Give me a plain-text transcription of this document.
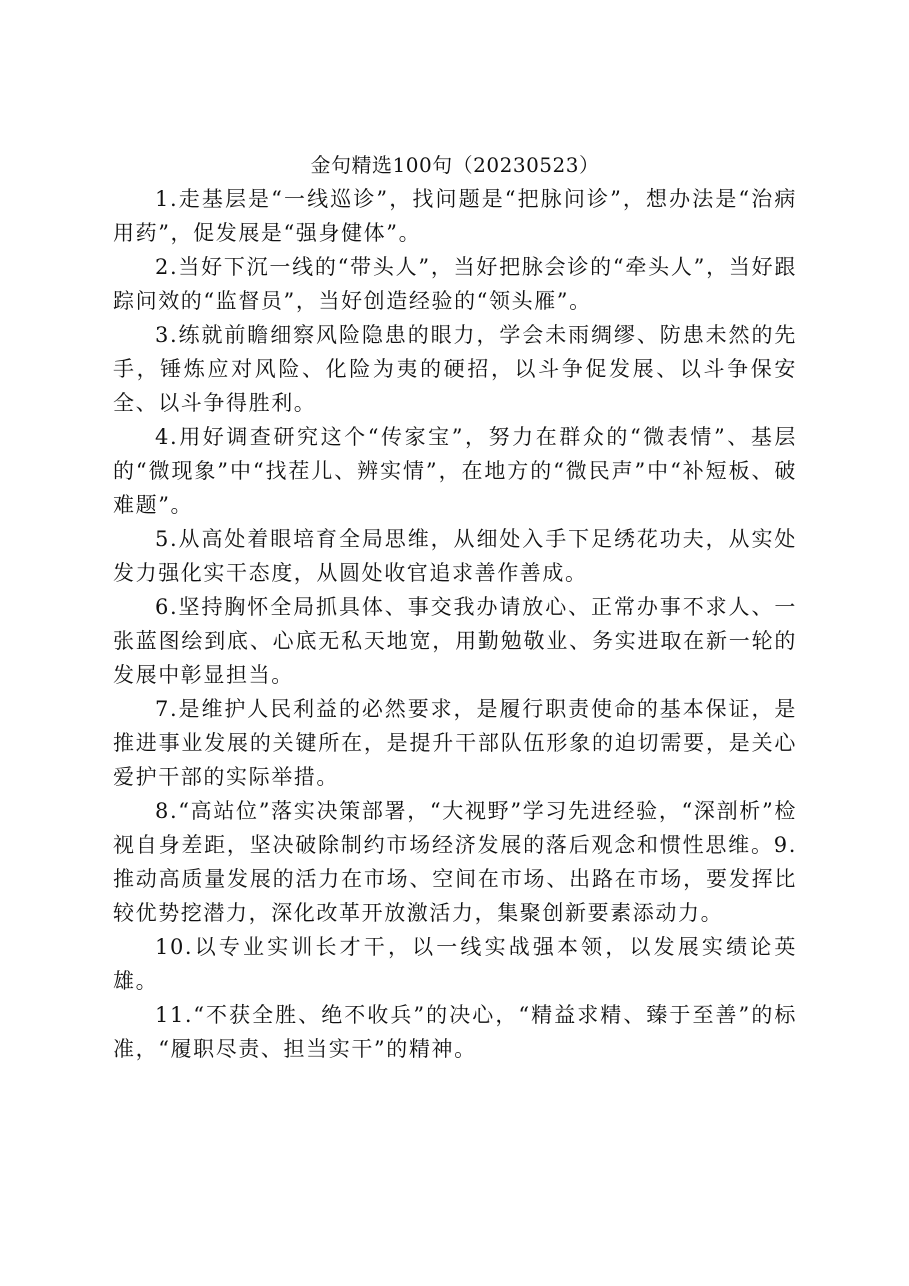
金句精选100句（20230523）

1.走基层是“一线巡诊”，找问题是“把脉问诊”，想办法是“治病用药”，促发展是“强身健体”。

2.当好下沉一线的“带头人”，当好把脉会诊的“牵头人”，当好跟踪问效的“监督员”，当好创造经验的“领头雁”。

3.练就前瞻细察风险隐患的眼力，学会未雨绸缪、防患未然的先手，锤炼应对风险、化险为夷的硬招，以斗争促发展、以斗争保安全、以斗争得胜利。

4.用好调查研究这个“传家宝”，努力在群众的“微表情”、基层的“微现象”中“找茬儿、辨实情”，在地方的“微民声”中“补短板、破难题”。

5.从高处着眼培育全局思维，从细处入手下足绣花功夫，从实处发力强化实干态度，从圆处收官追求善作善成。

6.坚持胸怀全局抓具体、事交我办请放心、正常办事不求人、一张蓝图绘到底、心底无私天地宽，用勤勉敬业、务实进取在新一轮的发展中彰显担当。

7.是维护人民利益的必然要求，是履行职责使命的基本保证，是推进事业发展的关键所在，是提升干部队伍形象的迫切需要，是关心爱护干部的实际举措。

8.“高站位”落实决策部署，“大视野”学习先进经验，“深剖析”检视自身差距，坚决破除制约市场经济发展的落后观念和惯性思维。9.推动高质量发展的活力在市场、空间在市场、出路在市场，要发挥比较优势挖潜力，深化改革开放激活力，集聚创新要素添动力。

10.以专业实训长才干，以一线实战强本领，以发展实绩论英雄。

11.“不获全胜、绝不收兵”的决心，“精益求精、臻于至善”的标准，“履职尽责、担当实干”的精神。
